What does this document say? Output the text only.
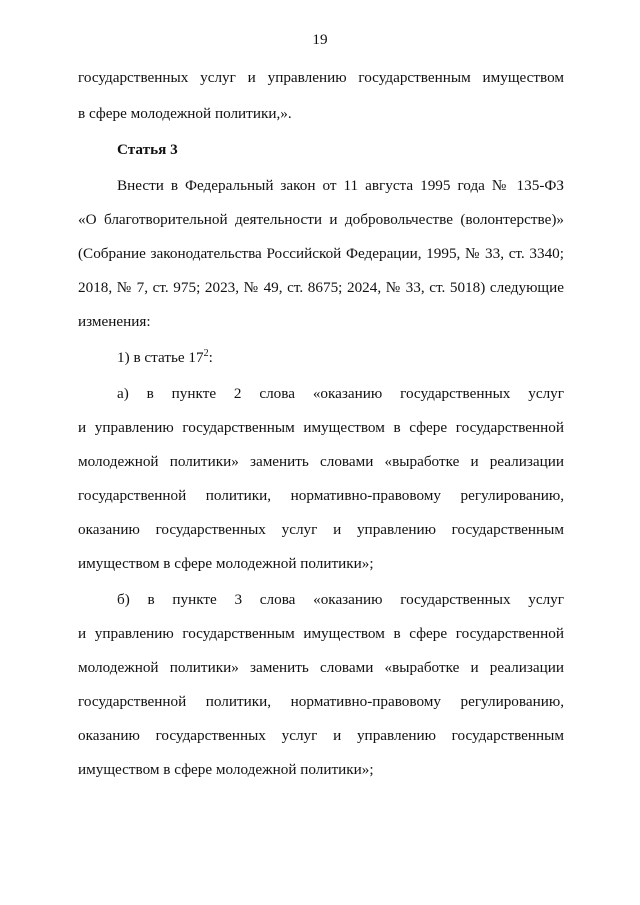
19
государственных услуг и управлению государственным имуществом
в сфере молодежной политики,».
Статья 3
Внести в Федеральный закон от 11 августа 1995 года № 135-ФЗ
«О благотворительной деятельности и добровольчестве (волонтерстве)»
(Собрание законодательства Российской Федерации, 1995, № 33, ст. 3340;
2018, № 7, ст. 975; 2023, № 49, ст. 8675; 2024, № 33, ст. 5018) следующие
изменения:
1) в статье $17^2$:
а) в пункте 2 слова «оказанию государственных услуг
и управлению государственным имуществом в сфере государственной
молодежной политики» заменить словами «выработке и реализации
государственной политики, нормативно-правовому регулированию,
оказанию государственных услуг и управлению государственным
имуществом в сфере молодежной политики»;
б) в пункте 3 слова «оказанию государственных услуг
и управлению государственным имуществом в сфере государственной
молодежной политики» заменить словами «выработке и реализации
государственной политики, нормативно-правовому регулированию,
оказанию государственных услуг и управлению государственным
имуществом в сфере молодежной политики»;
